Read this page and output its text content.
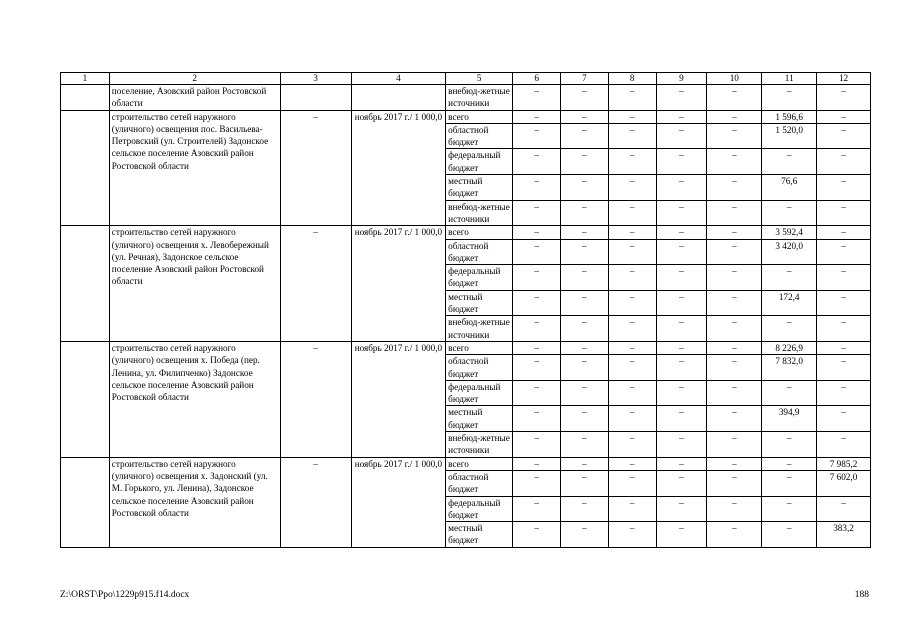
1	2	3	4	5	6	7	8	9	10	11	12
	поселение, Азовский район Ростовской области			внебюд-жетные источники	–	–	–	–	–	–	–
	строительство сетей наружного (уличного) освещения пос. Васильева-Петровский (ул. Строителей) Задонское сельское поселение Азовский район Ростовской области	–	ноябрь 2017 г./ 1 000,0	всего	–	–	–	–	–	1 596,6	–
				областной бюджет	–	–	–	–	–	1 520,0	–
				федеральный бюджет	–	–	–	–	–	–	–
				местный бюджет	–	–	–	–	–	76,6	–
				внебюд-жетные источники	–	–	–	–	–	–	–
	строительство сетей наружного (уличного) освещения х. Левобережный (ул. Речная), Задонское сельское поселение Азовский район Ростовской области	–	ноябрь 2017 г./ 1 000,0	всего	–	–	–	–	–	3 592,4	–
				областной бюджет	–	–	–	–	–	3 420,0	–
				федеральный бюджет	–	–	–	–	–	–	–
				местный бюджет	–	–	–	–	–	172,4	–
				внебюд-жетные источники	–	–	–	–	–	–	–
	строительство сетей наружного (уличного) освещения х. Победа (пер. Ленина, ул. Филипченко) Задонское сельское поселение Азовский район Ростовской области	–	ноябрь 2017 г./ 1 000,0	всего	–	–	–	–	–	8 226,9	–
				областной бюджет	–	–	–	–	–	7 832,0	–
				федеральный бюджет	–	–	–	–	–	–	–
				местный бюджет	–	–	–	–	–	394,9	–
				внебюд-жетные источники	–	–	–	–	–	–	–
	строительство сетей наружного (уличного) освещения х. Задонский (ул. М. Горького, ул. Ленина), Задонское сельское поселение Азовский район Ростовской области	–	ноябрь 2017 г./ 1 000,0	всего	–	–	–	–	–	–	7 985,2
				областной бюджет	–	–	–	–	–	–	7 602,0
				федеральный бюджет	–	–	–	–	–	–	–
				местный бюджет	–	–	–	–	–	–	383,2
Z:\ORST\Ppo\1229p915.f14.docx	188
